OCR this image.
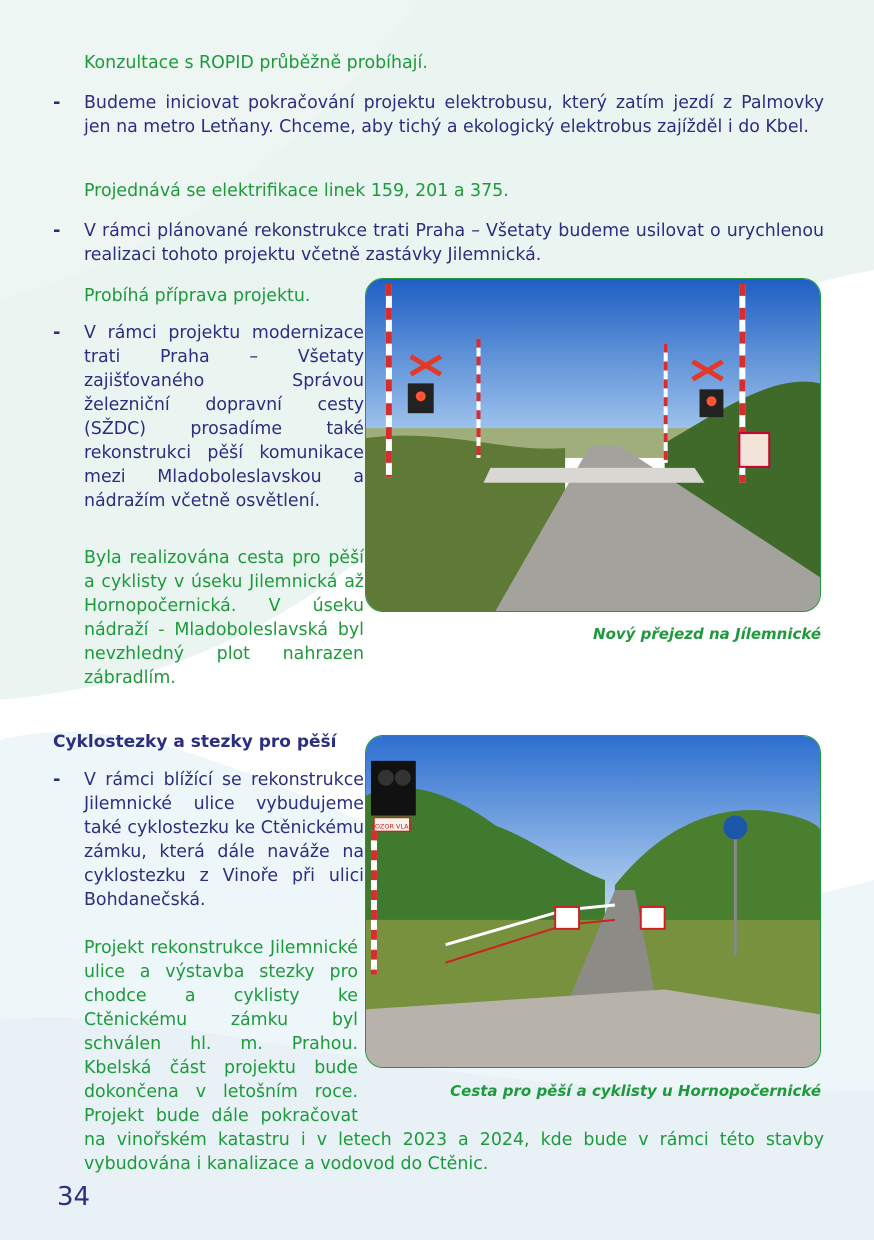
Konzultace s ROPID průběžně probíhají.

- Budeme iniciovat pokračování projektu elektrobusu, který zatím jezdí z Palmovky jen na metro Letňany. Chceme, aby tichý a ekologický elektrobus zajížděl i do Kbel.

Projednává se elektrifikace linek 159, 201 a 375.

- V rámci plánované rekonstrukce trati Praha – Všetaty budeme usilovat o urychlenou realizaci tohoto projektu včetně zastávky Jilemnická.

Probíhá příprava projektu.

- V rámci projektu modernizace trati Praha – Všetaty zajišťovaného Správou železniční dopravní cesty (SŽDC) prosadíme také rekonstrukci pěší komunikace mezi Mladoboleslavskou a nádražím včetně osvětlení.

Byla realizována cesta pro pěší a cyklisty v úseku Jilemnická až Hornopočernická. V úseku nádraží - Mladoboleslavská byl nevzhledný plot nahrazen zábradlím.

Cyklostezky a stezky pro pěší
- V rámci blížící se rekonstrukce Jilemnické ulice vybudujeme také cyklostezku ke Ctěnickému zámku, která dále naváže na cyklostezku z Vinoře při ulici Bohdanečská.

Projekt rekonstrukce Jilemnické ulice a výstavba stezky pro chodce a cyklisty ke Ctěnickému zámku byl schválen hl. m. Prahou. Kbelská část projektu bude dokončena v letošním roce. Projekt bude dále pokračovat na vinořském katastru i v letech 2023 a 2024, kde bude v rámci této stavby vybudována i kanalizace a vodovod do Ctěnic.

Nový přejezd na Jílemnické

POZOR VLAK

Cesta pro pěší a cyklisty u Hornopočernické

34
